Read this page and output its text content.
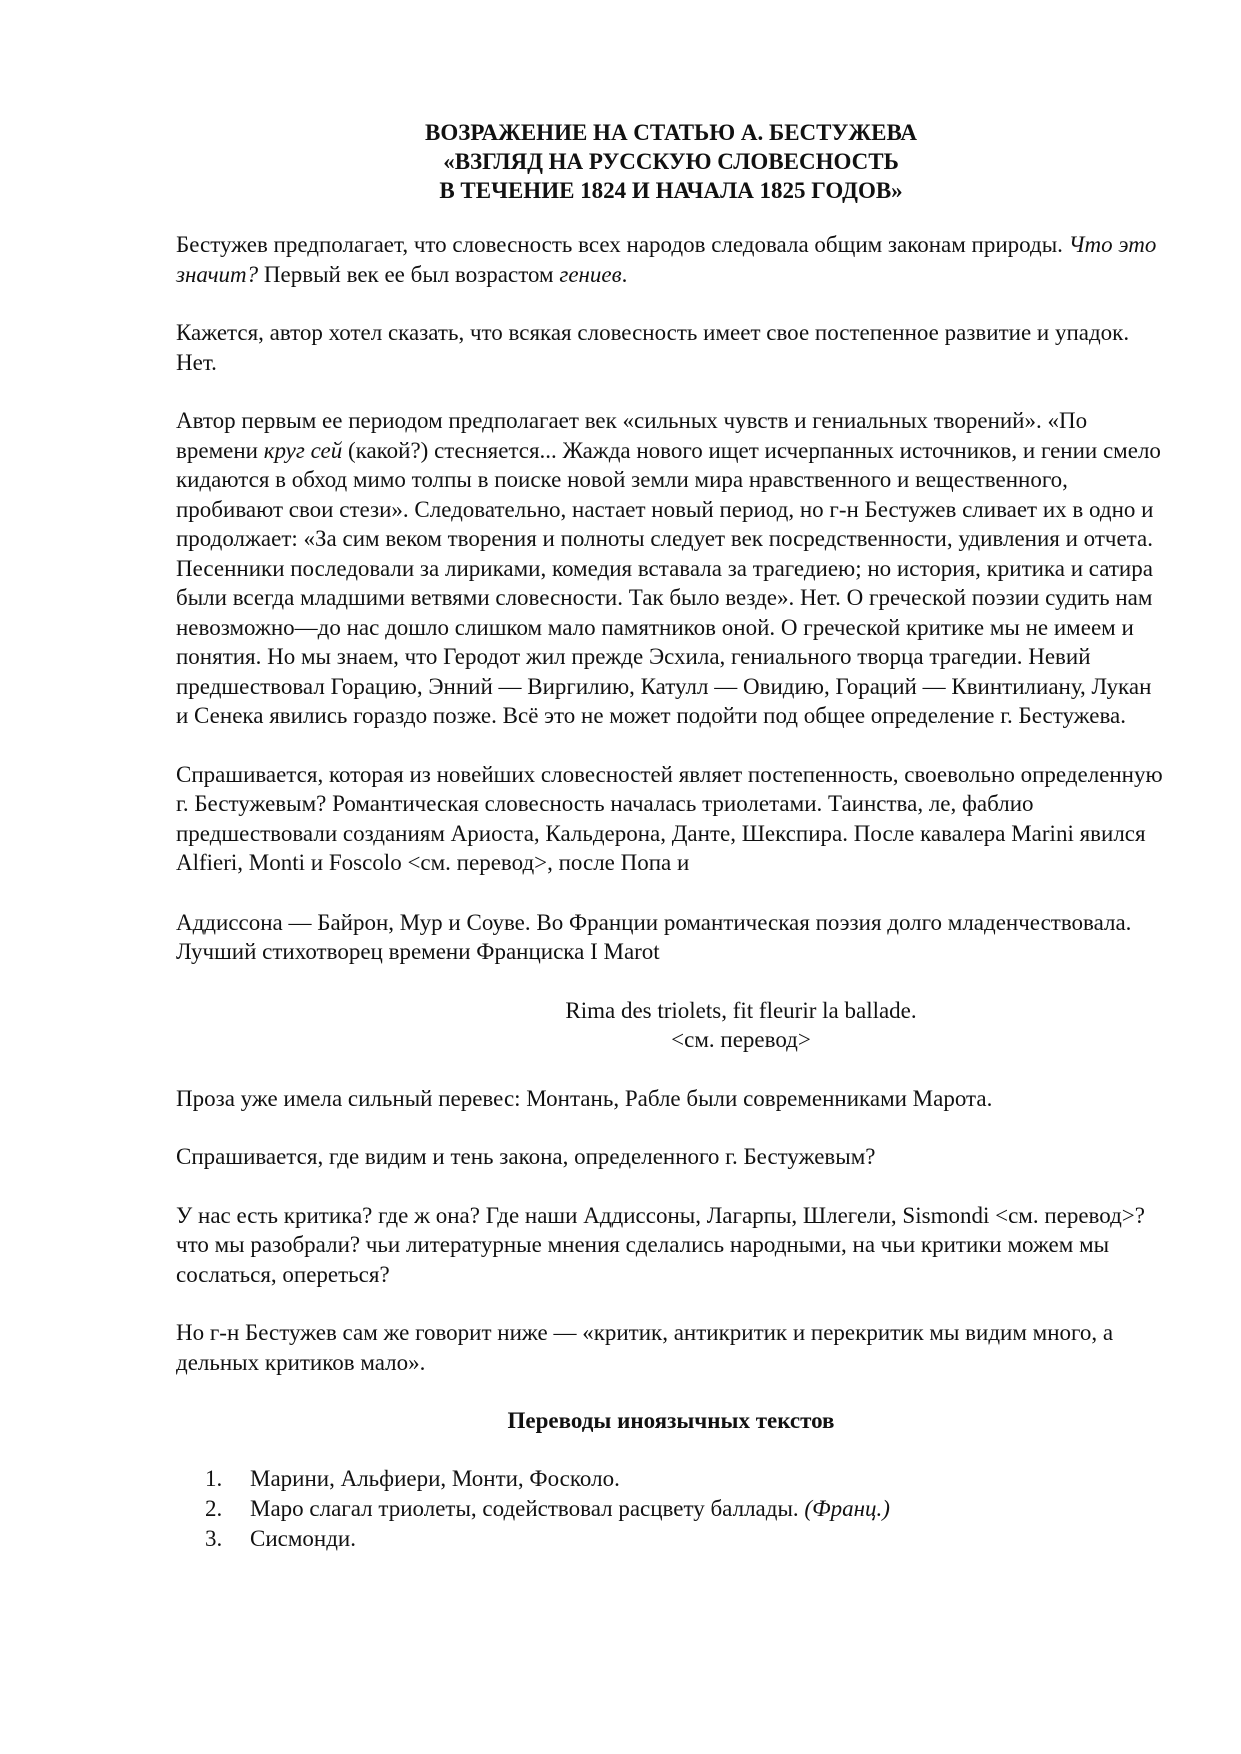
ВОЗРАЖЕНИЕ НА СТАТЬЮ А. БЕСТУЖЕВА
«ВЗГЛЯД НА РУССКУЮ СЛОВЕСНОСТЬ
В ТЕЧЕНИЕ 1824 И НАЧАЛА 1825 ГОДОВ»

Бестужев предполагает, что словесность всех народов следовала общим законам природы. Что это значит? Первый век ее был возрастом гениев.

Кажется, автор хотел сказать, что всякая словесность имеет свое постепенное развитие и упадок. Нет.

Автор первым ее периодом предполагает век «сильных чувств и гениальных творений». «По времени круг сей (какой?) стесняется... Жажда нового ищет исчерпанных источников, и гении смело кидаются в обход мимо толпы в поиске новой земли мира нравственного и вещественного, пробивают свои стези». Следовательно, настает новый период, но г-н Бестужев сливает их в одно и продолжает: «За сим веком творения и полноты следует век посредственности, удивления и отчета. Песенники последовали за лириками, комедия вставала за трагедиею; но история, критика и сатира были всегда младшими ветвями словесности. Так было везде». Нет. О греческой поэзии судить нам невозможно—до нас дошло слишком мало памятников оной. О греческой критике мы не имеем и понятия. Но мы знаем, что Геродот жил прежде Эсхила, гениального творца трагедии. Невий предшествовал Горацию, Энний — Виргилию, Катулл — Овидию, Гораций — Квинтилиану, Лукан и Сенека явились гораздо позже. Всё это не может подойти под общее определение г. Бестужева.

Спрашивается, которая из новейших словесностей являет постепенность, своевольно определенную г. Бестужевым? Романтическая словесность началась триолетами. Таинства, ле, фаблио предшествовали созданиям Ариоста, Кальдерона, Данте, Шекспира. После кавалера Marini явился Alfieri, Monti и Foscolo <см. перевод>, после Попа и

Аддиссона — Байрон, Мур и Соуве. Во Франции романтическая поэзия долго младенчествовала. Лучший стихотворец времени Франциска I Marot

Rima des triolets, fit fleurir la ballade.
<см. перевод>

Проза уже имела сильный перевес: Монтань, Рабле были современниками Марота.

Спрашивается, где видим и тень закона, определенного г. Бестужевым?

У нас есть критика? где ж она? Где наши Аддиссоны, Лагарпы, Шлегели, Sismondi <см. перевод>? что мы разобрали? чьи литературные мнения сделались народными, на чьи критики можем мы сослаться, опереться?

Но г-н Бестужев сам же говорит ниже — «критик, антикритик и перекритик мы видим много, а дельных критиков мало».

Переводы иноязычных текстов
1. Марини, Альфиери, Монти, Фосколо.
2. Маро слагал триолеты, содействовал расцвету баллады. (Франц.)
3. Сисмонди.
